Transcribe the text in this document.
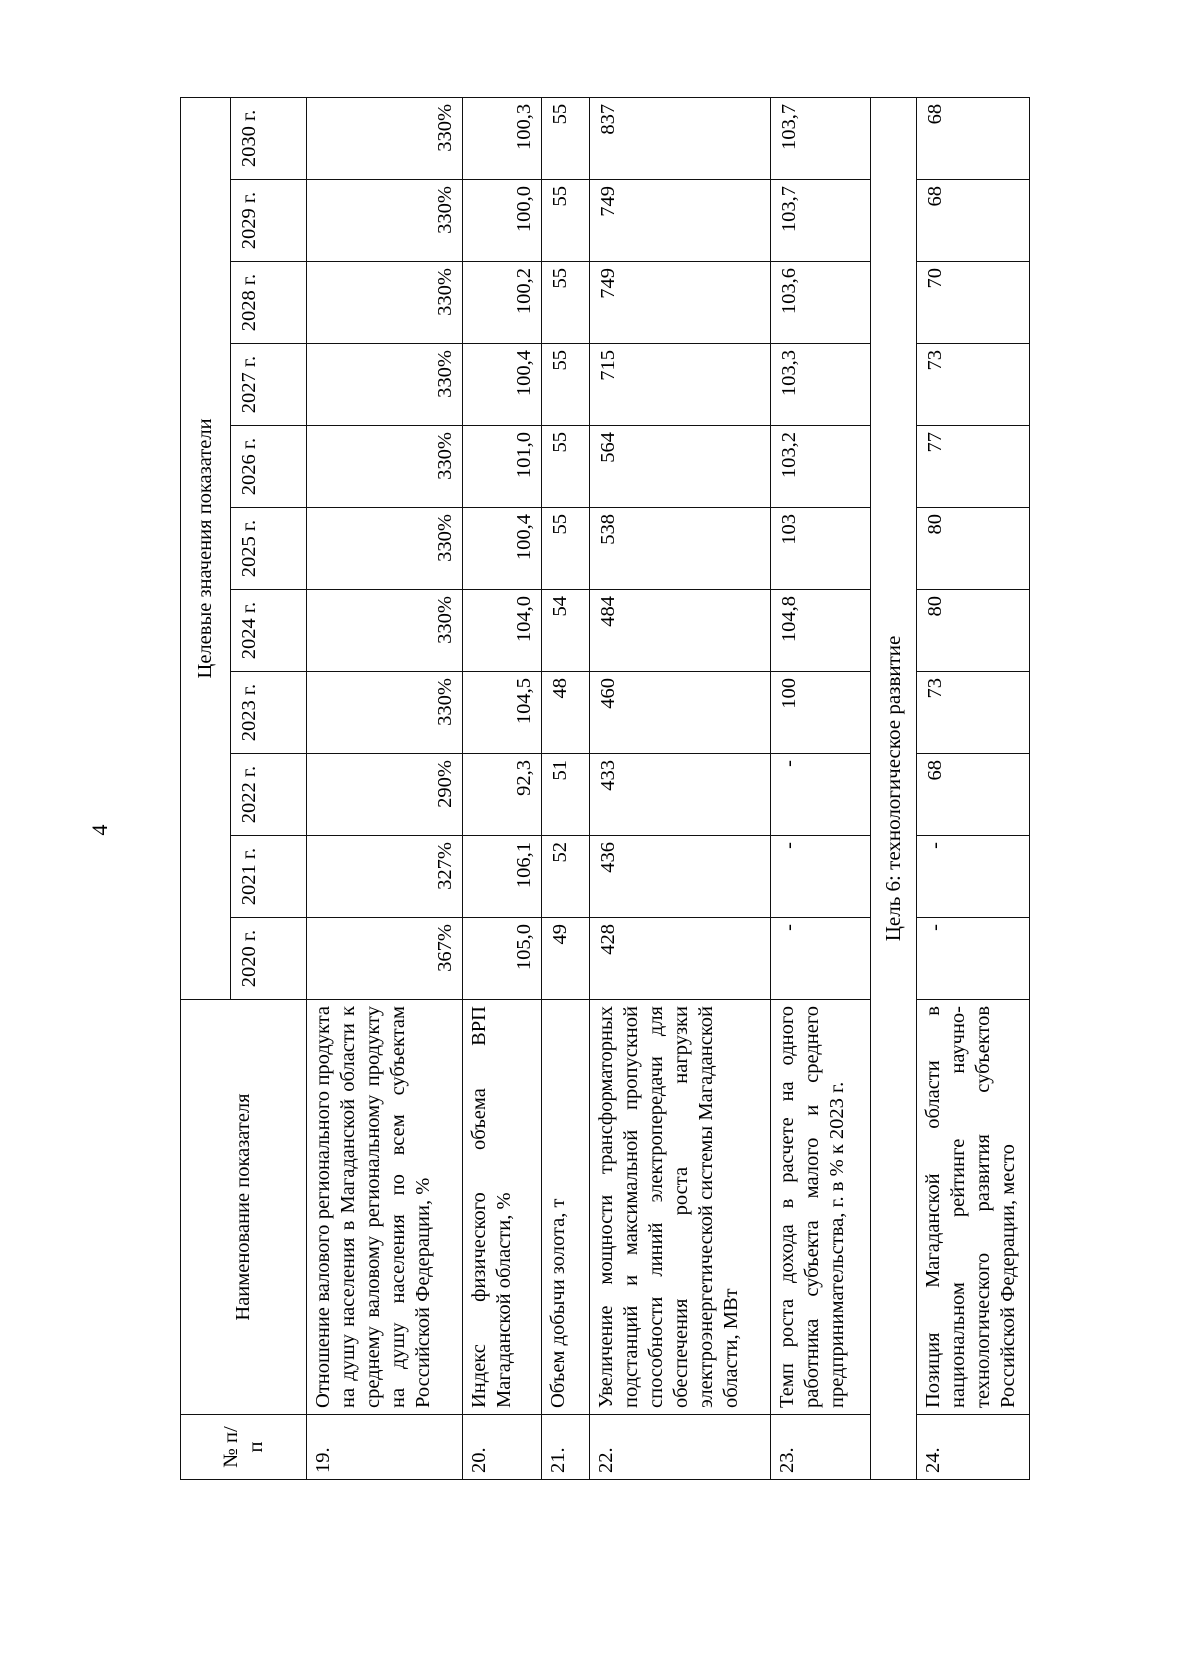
4
№ п/п	Наименование показателя	Целевые значения показатели										
		2020 г.	2021 г.	2022 г.	2023 г.	2024 г.	2025 г.	2026 г.	2027 г.	2028 г.	2029 г.	2030 г.
19.	Отношение валового регионального продукта на душу населения в Магаданской области к среднему валовому региональному продукту на душу населения по всем субъектам Российской Федерации, %	367%	327%	290%	330%	330%	330%	330%	330%	330%	330%	330%
20.	Индекс физического объема ВРП Магаданской области, %	105,0	106,1	92,3	104,5	104,0	100,4	101,0	100,4	100,2	100,0	100,3
21.	Объем добычи золота, т	49	52	51	48	54	55	55	55	55	55	55
22.	Увеличение мощности трансформаторных подстанций и максимальной пропускной способности линий электропередачи для обеспечения роста нагрузки электроэнергетической системы Магаданской области, МВт	428	436	433	460	484	538	564	715	749	749	837
23.	Темп роста дохода в расчете на одного работника субъекта малого и среднего предпринимательства, г. в % к 2023 г.	-	-	-	100	104,8	103	103,2	103,3	103,6	103,7	103,7
Цель 6: технологическое развитие												
24.	Позиция Магаданской области в национальном рейтинге научно-технологического развития субъектов Российской Федерации, место	-	-	68	73	80	80	77	73	70	68	68
